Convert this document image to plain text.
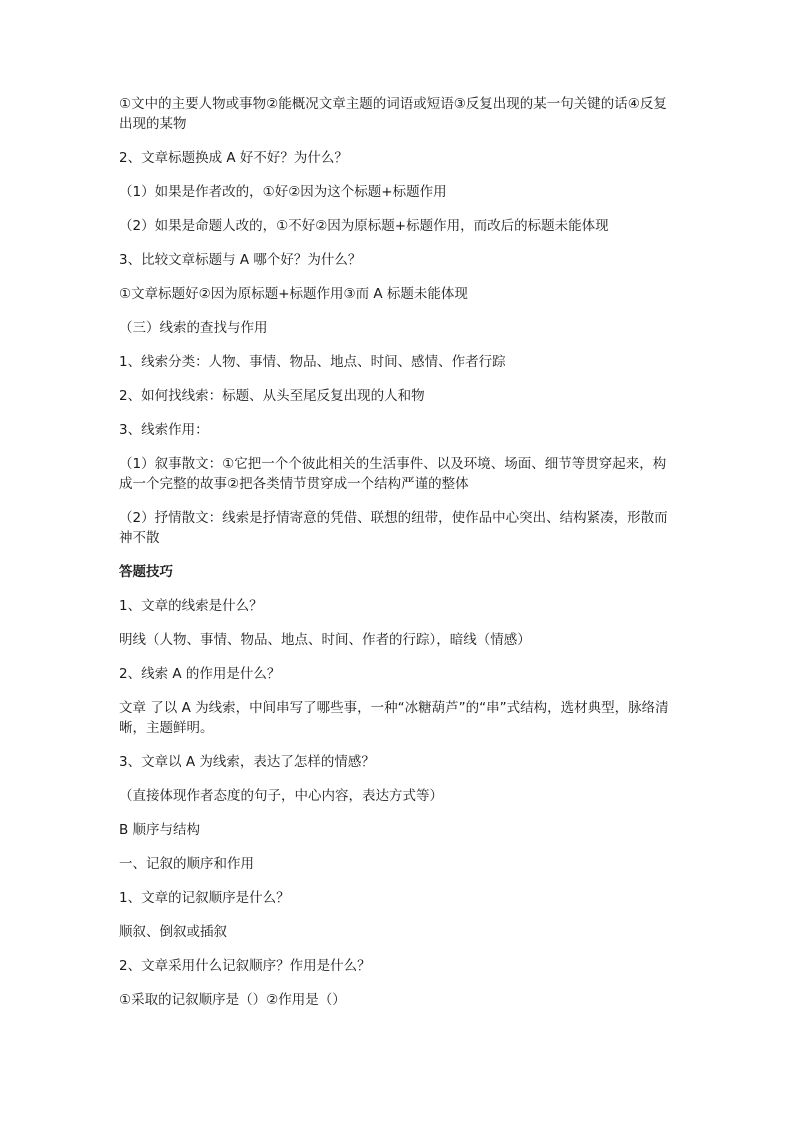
①文中的主要人物或事物②能概况文章主题的词语或短语③反复出现的某一句关键的话④反复出现的某物

2、文章标题换成 A 好不好？为什么？

（1）如果是作者改的，①好②因为这个标题+标题作用

（2）如果是命题人改的，①不好②因为原标题+标题作用，而改后的标题未能体现

3、比较文章标题与 A 哪个好？为什么？

①文章标题好②因为原标题+标题作用③而 A 标题未能体现

（三）线索的查找与作用

1、线索分类：人物、事情、物品、地点、时间、感情、作者行踪

2、如何找线索：标题、从头至尾反复出现的人和物

3、线索作用：

（1）叙事散文：①它把一个个彼此相关的生活事件、以及环境、场面、细节等贯穿起来，构成一个完整的故事②把各类情节贯穿成一个结构严谨的整体

（2）抒情散文：线索是抒情寄意的凭借、联想的纽带，使作品中心突出、结构紧凑，形散而神不散

答题技巧

1、文章的线索是什么？

明线（人物、事情、物品、地点、时间、作者的行踪），暗线（情感）

2、线索 A 的作用是什么？

文章 了以 A 为线索，中间串写了哪些事，一种“冰糖葫芦”的“串”式结构，选材典型，脉络清晰，主题鲜明。

3、文章以 A 为线索，表达了怎样的情感？

（直接体现作者态度的句子，中心内容，表达方式等）

B 顺序与结构

一、记叙的顺序和作用

1、文章的记叙顺序是什么？

顺叙、倒叙或插叙

2、文章采用什么记叙顺序？作用是什么？

①采取的记叙顺序是（）②作用是（）
